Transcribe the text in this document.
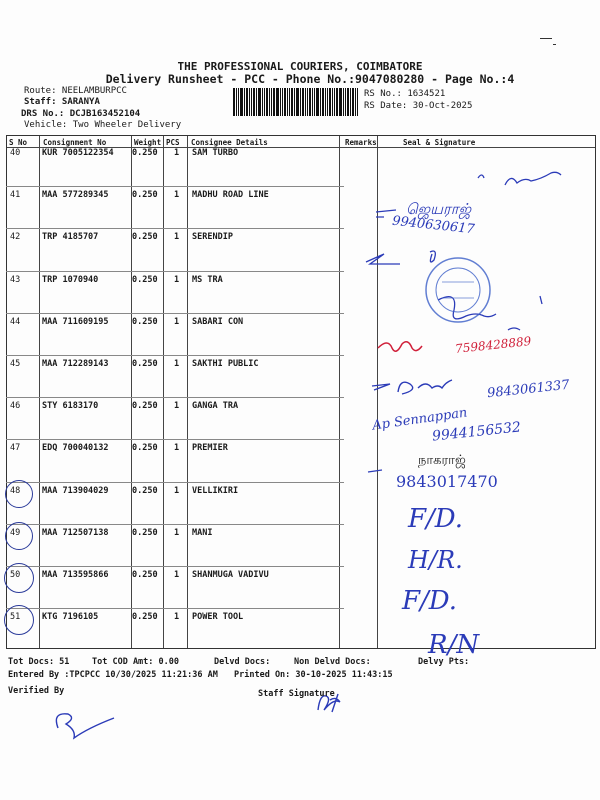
THE PROFESSIONAL COURIERS, COIMBATORE
Delivery Runsheet - PCC - Phone No.:9047080280 - Page No.:4
Route: NEELAMBURPCC
Staff: SARANYA
DRS No.: DCJB163452104
Vehicle: Two Wheeler Delivery
RS No.: 1634521
RS Date: 30-Oct-2025
S No Consignment No	Weight PCS Consignee Details	Remarks	Seal & Signature
40	KUR 7005122354 0.250 1 SAM TURBO
41	MAA 577289345	0.250 1 MADHU ROAD LINE
42	TRP 4185707	0.250 1 SERENDIP
43	TRP 1070940	0.250 1 MS TRA
44	MAA 711609195	0.250 1 SABARI CON
45	MAA 712289143	0.250 1 SAKTHI PUBLIC
46	STY 6183170	0.250 1 GANGA TRA
47	EDQ 700040132	0.250 1 PREMIER
48	MAA 713904029	0.250 1 VELLIKIRI
49	MAA 712507138	0.250 1 MANI
50	MAA 713595866	0.250 1 SHANMUGA VADIVU
51	KTG 7196105	0.250 1 POWER TOOL
ஜெயராஜ்
9940630617
7598428889
9843061337
Ap Sennappan
9944156532
நாகராஜ்
9843017470
F/D.
H/R.
F/D.
R/N
Tot Docs: 51	Tot COD Amt: 0.00	Delvd Docs:	Non Delvd Docs:	Delvy Pts:
Entered By :TPCPCC 10/30/2025 11:21:36 AM Printed On: 30-10-2025 11:43:15
Verified By	Staff Signature
